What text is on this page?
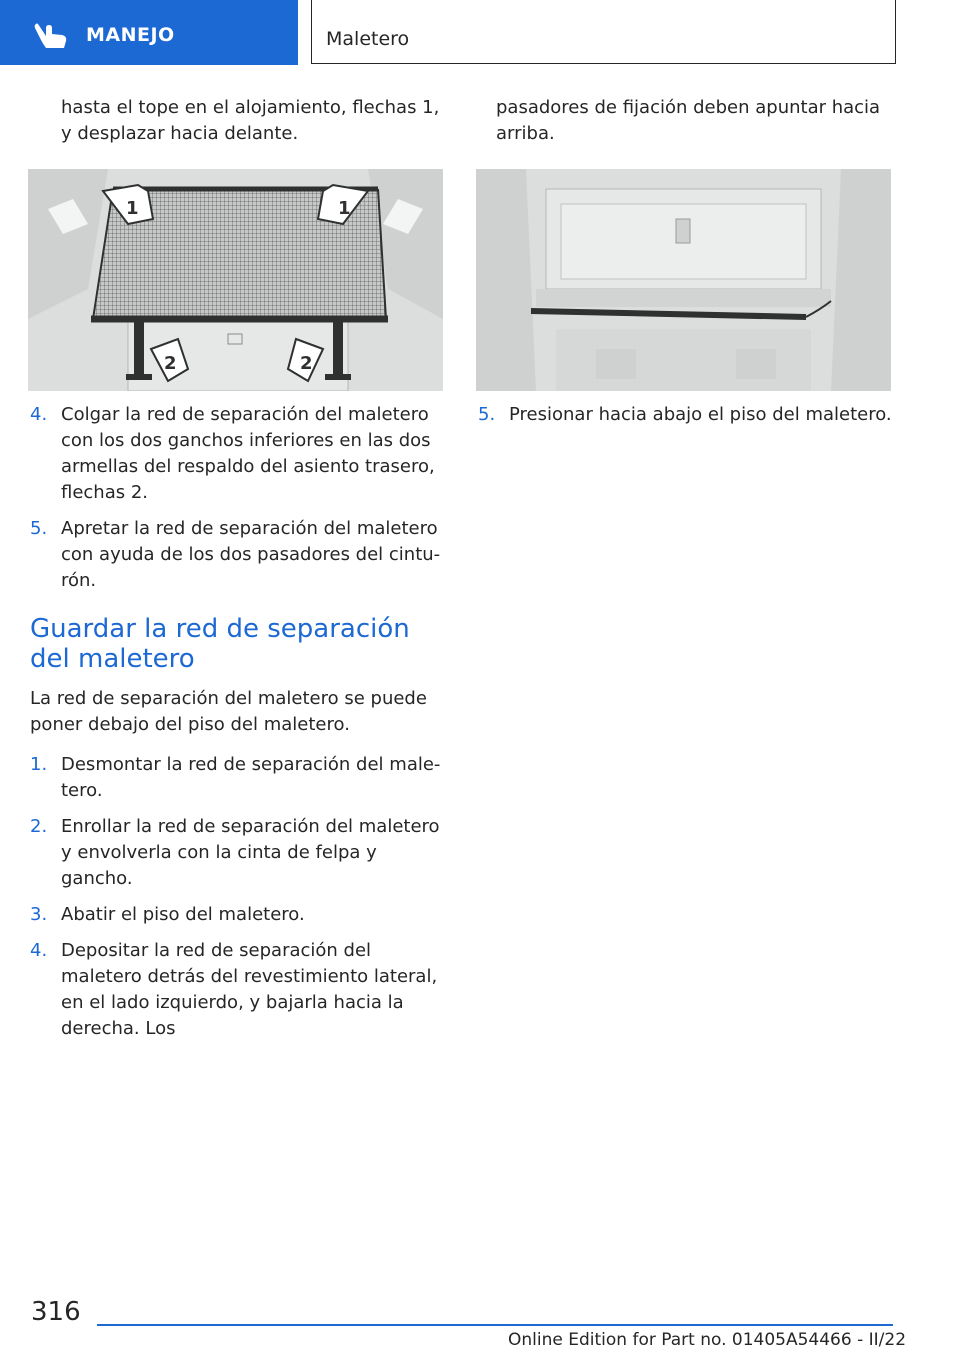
MANEJO	Maletero

hasta el tope en el alojamiento, flechas 1, y desplazar hacia delante.

1	1
2	2

pasadores de fijación deben apuntar hacia arriba.

4. Colgar la red de separación del maletero con los dos ganchos inferiores en las dos armellas del respaldo del asiento trasero, flechas 2.
5. Apretar la red de separación del maletero con ayuda de los dos pasadores del cintu‐rón.
Guardar la red de separación del maletero

La red de separación del maletero se puede poner debajo del piso del maletero.

1. Desmontar la red de separación del male‐tero.
2. Enrollar la red de separación del maletero y envolverla con la cinta de felpa y gancho.
3. Abatir el piso del maletero.
4. Depositar la red de separación del maletero detrás del revestimiento lateral, en el lado izquierdo, y bajarla hacia la derecha. Los
5. Presionar hacia abajo el piso del maletero.
316
Online Edition for Part no. 01405A54466 - II/22
